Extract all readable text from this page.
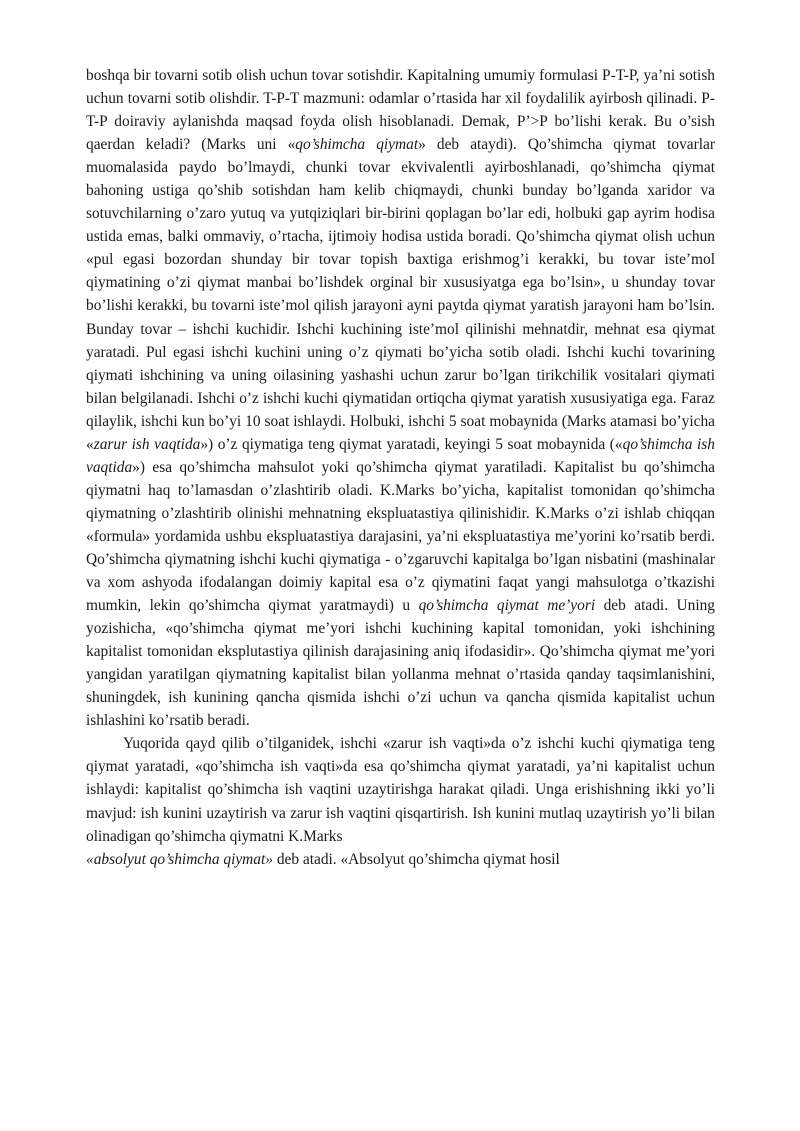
boshqa bir tovarni sotib olish uchun tovar sotishdir. Kapitalning umumiy formulasi P-T-P, ya’ni sotish uchun tovarni sotib olishdir. T-P-T mazmuni: odamlar o’rtasida har xil foydalilik ayirbosh qilinadi. P-T-P doiraviy aylanishda maqsad foyda olish hisoblanadi. Demak, P’>P bo’lishi kerak. Bu o’sish qaerdan keladi? (Marks uni «qo’shimcha qiymat» deb ataydi). Qo’shimcha qiymat tovarlar muomalasida paydo bo’lmaydi, chunki tovar ekvivalentli ayirboshlanadi, qo’shimcha qiymat bahoning ustiga qo’shib sotishdan ham kelib chiqmaydi, chunki bunday bo’lganda xaridor va sotuvchilarning o’zaro yutuq va yutqiziqlari bir-birini qoplagan bo’lar edi, holbuki gap ayrim hodisa ustida emas, balki ommaviy, o’rtacha, ijtimoiy hodisa ustida boradi. Qo’shimcha qiymat olish uchun «pul egasi bozordan shunday bir tovar topish baxtiga erishmog’i kerakki, bu tovar iste’mol qiymatining o’zi qiymat manbai bo’lishdek orginal bir xususiyatga ega bo’lsin», u shunday tovar bo’lishi kerakki, bu tovarni iste’mol qilish jarayoni ayni paytda qiymat yaratish jarayoni ham bo’lsin. Bunday tovar – ishchi kuchidir. Ishchi kuchining iste’mol qilinishi mehnatdir, mehnat esa qiymat yaratadi. Pul egasi ishchi kuchini uning o’z qiymati bo’yicha sotib oladi. Ishchi kuchi tovarining qiymati ishchining va uning oilasining yashashi uchun zarur bo’lgan tirikchilik vositalari qiymati bilan belgilanadi. Ishchi o’z ishchi kuchi qiymatidan ortiqcha qiymat yaratish xususiyatiga ega. Faraz qilaylik, ishchi kun bo’yi 10 soat ishlaydi. Holbuki, ishchi 5 soat mobaynida (Marks atamasi bo’yicha «zarur ish vaqtida») o’z qiymatiga teng qiymat yaratadi, keyingi 5 soat mobaynida («qo’shimcha ish vaqtida») esa qo’shimcha mahsulot yoki qo’shimcha qiymat yaratiladi. Kapitalist bu qo’shimcha qiymatni haq to’lamasdan o’zlashtirib oladi. K.Marks bo’yicha, kapitalist tomonidan qo’shimcha qiymatning o’zlashtirib olinishi mehnatning ekspluatastiya qilinishidir. K.Marks o’zi ishlab chiqqan «formula» yordamida ushbu ekspluatastiya darajasini, ya’ni ekspluatastiya me’yorini ko’rsatib berdi. Qo’shimcha qiymatning ishchi kuchi qiymatiga - o’zgaruvchi kapitalga bo’lgan nisbatini (mashinalar va xom ashyoda ifodalangan doimiy kapital esa o’z qiymatini faqat yangi mahsulotga o’tkazishi mumkin, lekin qo’shimcha qiymat yaratmaydi) u qo’shimcha qiymat me’yori deb atadi. Uning yozishicha, «qo’shimcha qiymat me’yori ishchi kuchining kapital tomonidan, yoki ishchining kapitalist tomonidan eksplutastiya qilinish darajasining aniq ifodasidir». Qo’shimcha qiymat me’yori yangidan yaratilgan qiymatning kapitalist bilan yollanma mehnat o’rtasida qanday taqsimlanishini, shuningdek, ish kunining qancha qismida ishchi o’zi uchun va qancha qismida kapitalist uchun ishlashini ko’rsatib beradi.

Yuqorida qayd qilib o’tilganidek, ishchi «zarur ish vaqti»da o’z ishchi kuchi qiymatiga teng qiymat yaratadi, «qo’shimcha ish vaqti»da esa qo’shimcha qiymat yaratadi, ya’ni kapitalist uchun ishlaydi: kapitalist qo’shimcha ish vaqtini uzaytirishga harakat qiladi. Unga erishishning ikki yo’li mavjud: ish kunini uzaytirish va zarur ish vaqtini qisqartirish. Ish kunini mutlaq uzaytirish yo’li bilan olinadigan qo’shimcha qiymatni K.Marks

«absolyut qo’shimcha qiymat» deb atadi. «Absolyut qo’shimcha qiymat hosil
